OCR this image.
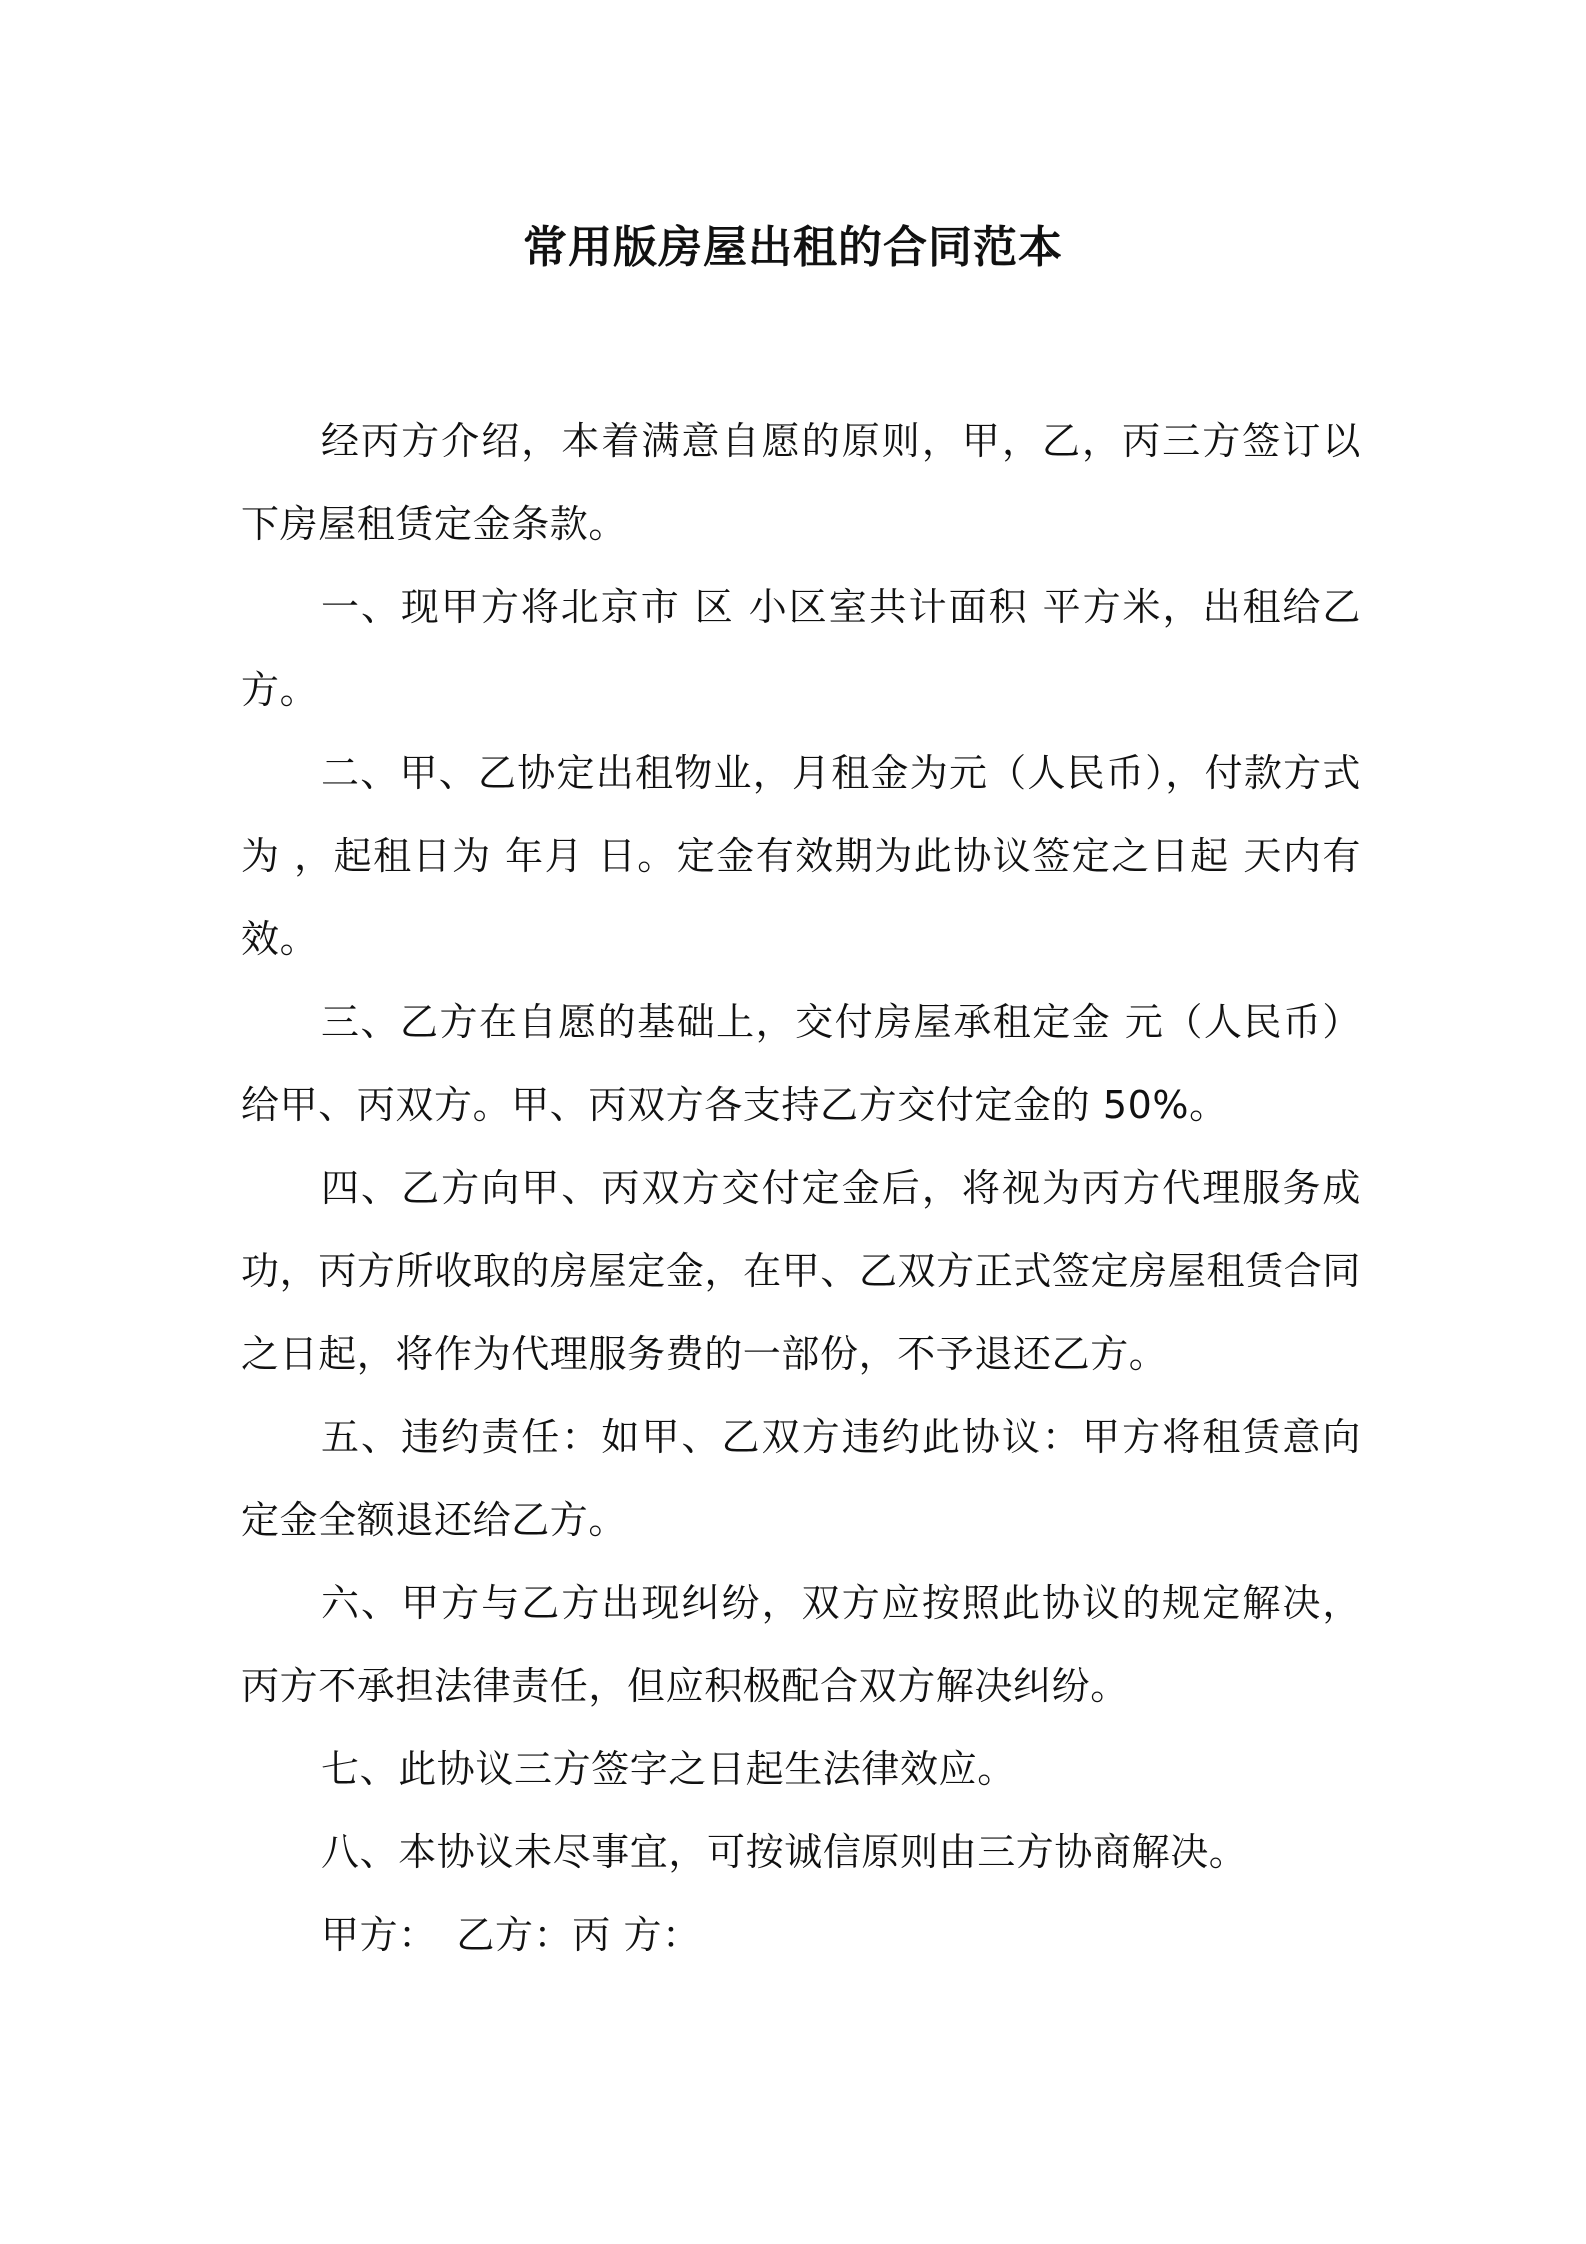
常用版房屋出租的合同范本

经丙方介绍，本着满意自愿的原则，甲，乙，丙三方签订以下房屋租赁定金条款。

一、现甲方将北京市 区 小区室共计面积 平方米，出租给乙方。

二、甲、乙协定出租物业，月租金为元（人民币），付款方式为 ，起租日为 年月 日。定金有效期为此协议签定之日起 天内有效。

三、乙方在自愿的基础上，交付房屋承租定金 元（人民币）给甲、丙双方。甲、丙双方各支持乙方交付定金的 50%。

四、乙方向甲、丙双方交付定金后，将视为丙方代理服务成功，丙方所收取的房屋定金，在甲、乙双方正式签定房屋租赁合同之日起，将作为代理服务费的一部份，不予退还乙方。

五、违约责任：如甲、乙双方违约此协议：甲方将租赁意向定金全额退还给乙方。

六、甲方与乙方出现纠纷，双方应按照此协议的规定解决，丙方不承担法律责任，但应积极配合双方解决纠纷。

七、此协议三方签字之日起生法律效应。

八、本协议未尽事宜，可按诚信原则由三方协商解决。

甲方：　乙方：丙 方：
